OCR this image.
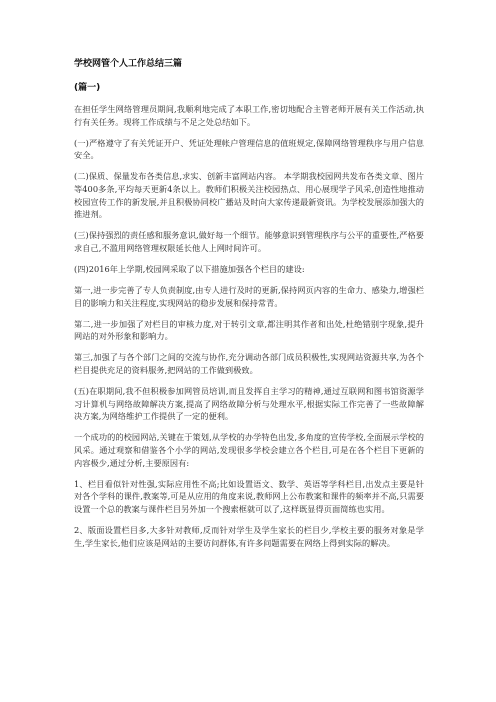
学校网管个人工作总结三篇
(篇一)

在担任学生网络管理员期间,我顺利地完成了本职工作,密切地配合主管老师开展有关工作活动,执行有关任务。现将工作成绩与不足之处总结如下。

(一)严格遵守了有关凭证开户、凭证处理帐户管理信息的值班规定,保障网络管理秩序与用户信息安全。

(二)保质、保量发布各类信息,求实、创新丰富网站内容。 本学期我校园网共发布各类文章、图片等400多条,平均每天更新4条以上。教师们积极关注校园热点、用心展现学子风采,创造性地推动校园宣传工作的新发展,并且积极协同校广播站及时向大家传递最新资讯。为学校发展添加强大的推进剂。

(三)保持强烈的责任感和服务意识,做好每一个细节。能够意识到管理秩序与公平的重要性,严格要求自己,不滥用网络管理权限延长他人上网时间许可。

(四)2016年上学期,校园网采取了以下措施加强各个栏目的建设:

第一,进一步完善了专人负责制度,由专人进行及时的更新,保持网页内容的生命力、感染力,增强栏目的影响力和关注程度,实现网站的稳步发展和保持常青。

第二,进一步加强了对栏目的审核力度,对于转引文章,都注明其作者和出处,杜绝错别字现象,提升网站的对外形象和影响力。

第三,加强了与各个部门之间的交流与协作,充分调动各部门成员积极性,实现网站资源共享,为各个栏目提供充足的资料服务,把网站的工作做到极致。

(五)在职期间,我不但积极参加网管员培训,而且发挥自主学习的精神,通过互联网和图书馆资源学习计算机与网络故障解决方案,提高了网络故障分析与处理水平,根据实际工作完善了一些故障解决方案,为网络维护工作提供了一定的便利。

一个成功的的校园网站,关键在于策划,从学校的办学特色出发,多角度的宣传学校,全面展示学校的风采。通过观察和借鉴各个小学的网站,发现很多学校会建立各个栏目,可是在各个栏目下更新的内容极少,通过分析,主要原因有:

1、栏目看似针对性强,实际应用性不高;比如设置语文、数学、英语等学科栏目,出发点主要是针对各个学科的课件,教案等,可是从应用的角度来说,教师网上公布教案和课件的频率并不高,只需要设置一个总的教案与课件栏目另外加一个搜索框就可以了,这样既显得页面简练也实用。

2、版面设置栏目多,大多针对教师,反而针对学生及学生家长的栏目少,学校主要的服务对象是学生,学生家长,他们应该是网站的主要访问群体,有许多问题需要在网络上得到实际的解决。
